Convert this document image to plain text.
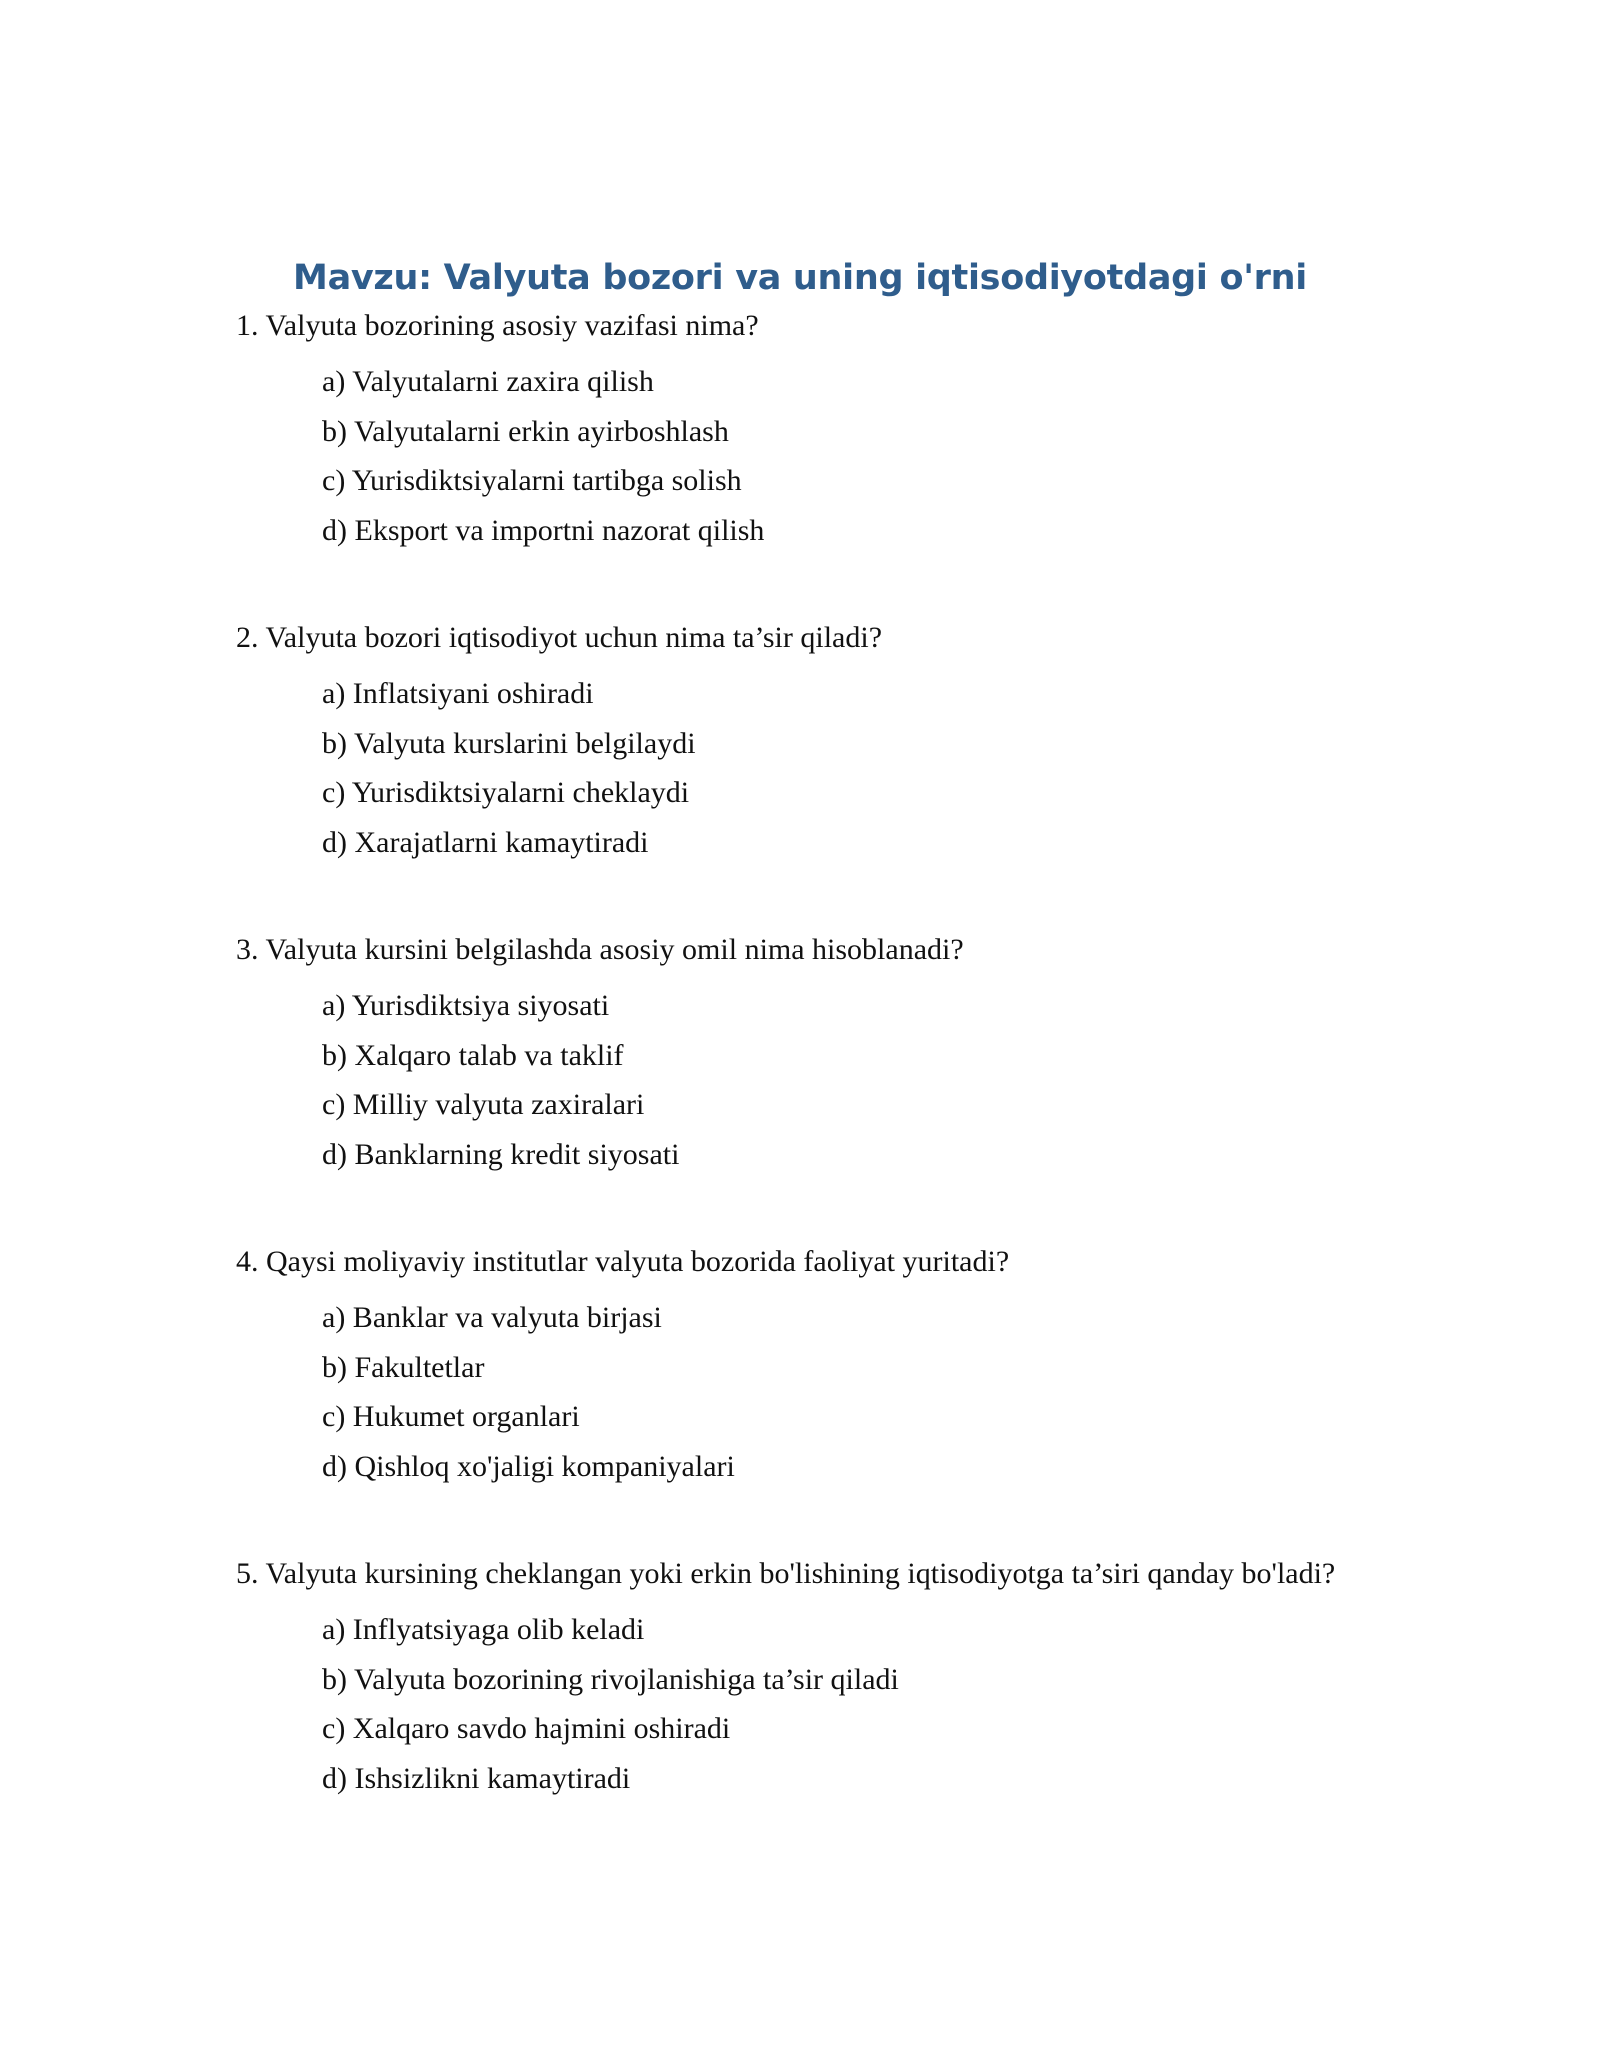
Mavzu: Valyuta bozori va uning iqtisodiyotdagi o'rni

1. Valyuta bozorining asosiy vazifasi nima?

a) Valyutalarni zaxira qilish
b) Valyutalarni erkin ayirboshlash
c) Yurisdiktsiyalarni tartibga solish
d) Eksport va importni nazorat qilish

2. Valyuta bozori iqtisodiyot uchun nima ta’sir qiladi?

a) Inflatsiyani oshiradi
b) Valyuta kurslarini belgilaydi
c) Yurisdiktsiyalarni cheklaydi
d) Xarajatlarni kamaytiradi

3. Valyuta kursini belgilashda asosiy omil nima hisoblanadi?

a) Yurisdiktsiya siyosati
b) Xalqaro talab va taklif
c) Milliy valyuta zaxiralari
d) Banklarning kredit siyosati

4. Qaysi moliyaviy institutlar valyuta bozorida faoliyat yuritadi?

a) Banklar va valyuta birjasi
b) Fakultetlar
c) Hukumet organlari
d) Qishloq xo'jaligi kompaniyalari

5. Valyuta kursining cheklangan yoki erkin bo'lishining iqtisodiyotga ta’siri qanday bo'ladi?

a) Inflyatsiyaga olib keladi
b) Valyuta bozorining rivojlanishiga ta’sir qiladi
c) Xalqaro savdo hajmini oshiradi
d) Ishsizlikni kamaytiradi
